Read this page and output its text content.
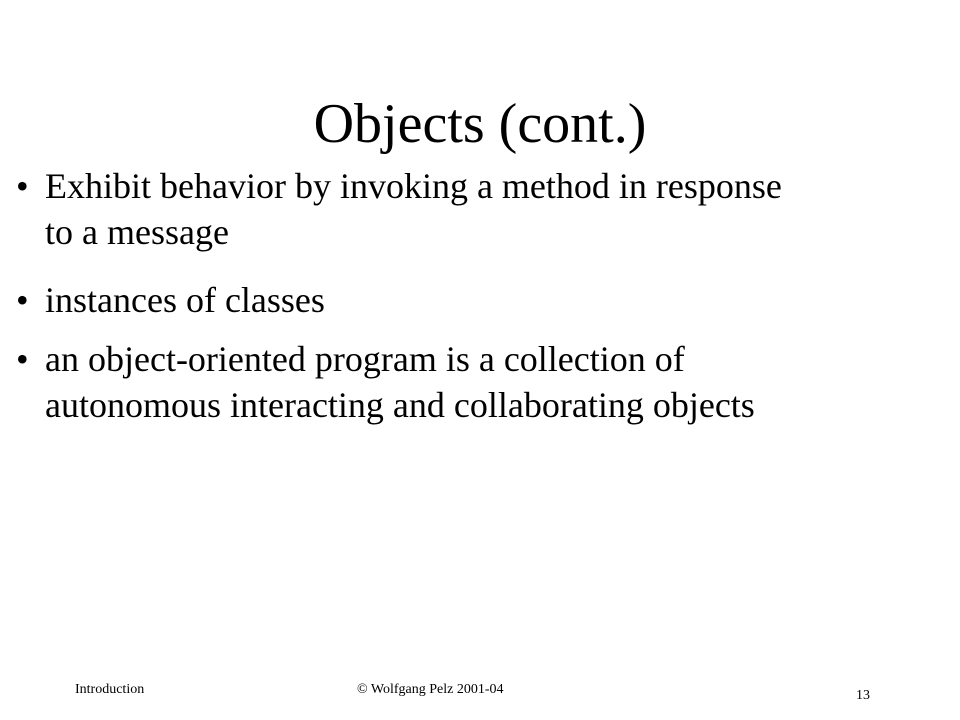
Objects (cont.)
• Exhibit behavior by invoking a method in response to a message
• instances of classes
• an object-oriented program is a collection of autonomous interacting and collaborating objects
Introduction	© Wolfgang Pelz 2001-04	13
